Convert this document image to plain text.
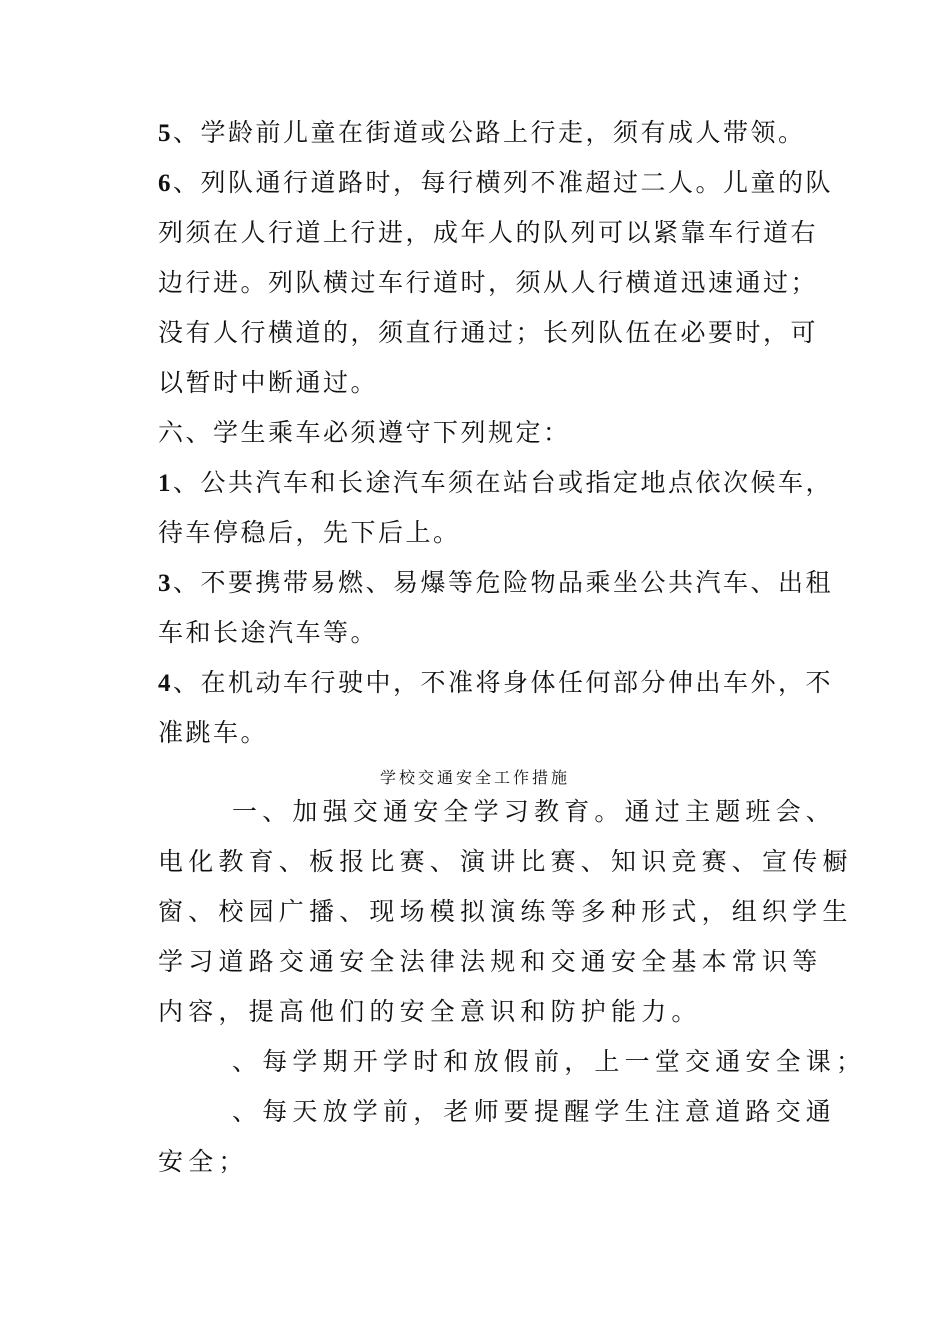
5、学龄前儿童在街道或公路上行走，须有成人带领。
6、列队通行道路时，每行横列不准超过二人。儿童的队
列须在人行道上行进，成年人的队列可以紧靠车行道右
边行进。列队横过车行道时，须从人行横道迅速通过；
没有人行横道的，须直行通过；长列队伍在必要时，可
以暂时中断通过。
六、学生乘车必须遵守下列规定：
1、公共汽车和长途汽车须在站台或指定地点依次候车，
待车停稳后，先下后上。
3、不要携带易燃、易爆等危险物品乘坐公共汽车、出租
车和长途汽车等。
4、在机动车行驶中，不准将身体任何部分伸出车外，不
准跳车。
学校交通安全工作措施
一、加强交通安全学习教育。通过主题班会、
电化教育、板报比赛、演讲比赛、知识竞赛、宣传橱
窗、校园广播、现场模拟演练等多种形式，组织学生
学习道路交通安全法律法规和交通安全基本常识等
内容，提高他们的安全意识和防护能力。
、每学期开学时和放假前，上一堂交通安全课；
、每天放学前，老师要提醒学生注意道路交通
安全；
